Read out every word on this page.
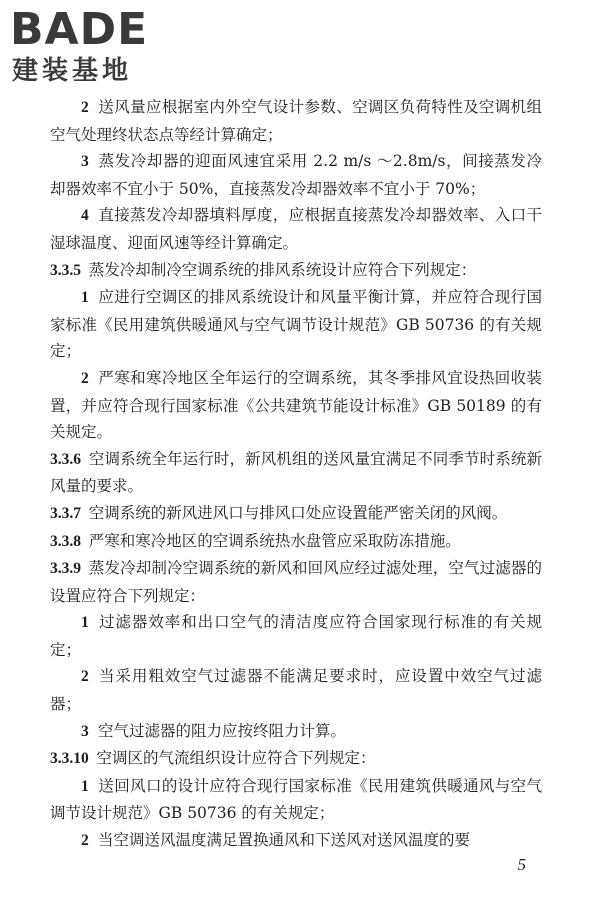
BADE
建装基地

2 送风量应根据室内外空气设计参数、空调区负荷特性及空调机组空气处理终状态点等经计算确定；

3 蒸发冷却器的迎面风速宜采用 2.2 m/s ～2.8m/s，间接蒸发冷却器效率不宜小于 50%，直接蒸发冷却器效率不宜小于 70%；

4 直接蒸发冷却器填料厚度，应根据直接蒸发冷却器效率、入口干湿球温度、迎面风速等经计算确定。

3.3.5 蒸发冷却制冷空调系统的排风系统设计应符合下列规定：

1 应进行空调区的排风系统设计和风量平衡计算，并应符合现行国家标准《民用建筑供暖通风与空气调节设计规范》GB 50736 的有关规定；

2 严寒和寒冷地区全年运行的空调系统，其冬季排风宜设热回收装置，并应符合现行国家标准《公共建筑节能设计标准》GB 50189 的有关规定。

3.3.6 空调系统全年运行时，新风机组的送风量宜满足不同季节时系统新风量的要求。

3.3.7 空调系统的新风进风口与排风口处应设置能严密关闭的风阀。

3.3.8 严寒和寒冷地区的空调系统热水盘管应采取防冻措施。

3.3.9 蒸发冷却制冷空调系统的新风和回风应经过滤处理，空气过滤器的设置应符合下列规定：

1 过滤器效率和出口空气的清洁度应符合国家现行标准的有关规定；

2 当采用粗效空气过滤器不能满足要求时，应设置中效空气过滤器；

3 空气过滤器的阻力应按终阻力计算。

3.3.10 空调区的气流组织设计应符合下列规定：

1 送回风口的设计应符合现行国家标准《民用建筑供暖通风与空气调节设计规范》GB 50736 的有关规定；

2 当空调送风温度满足置换通风和下送风对送风温度的要

5
